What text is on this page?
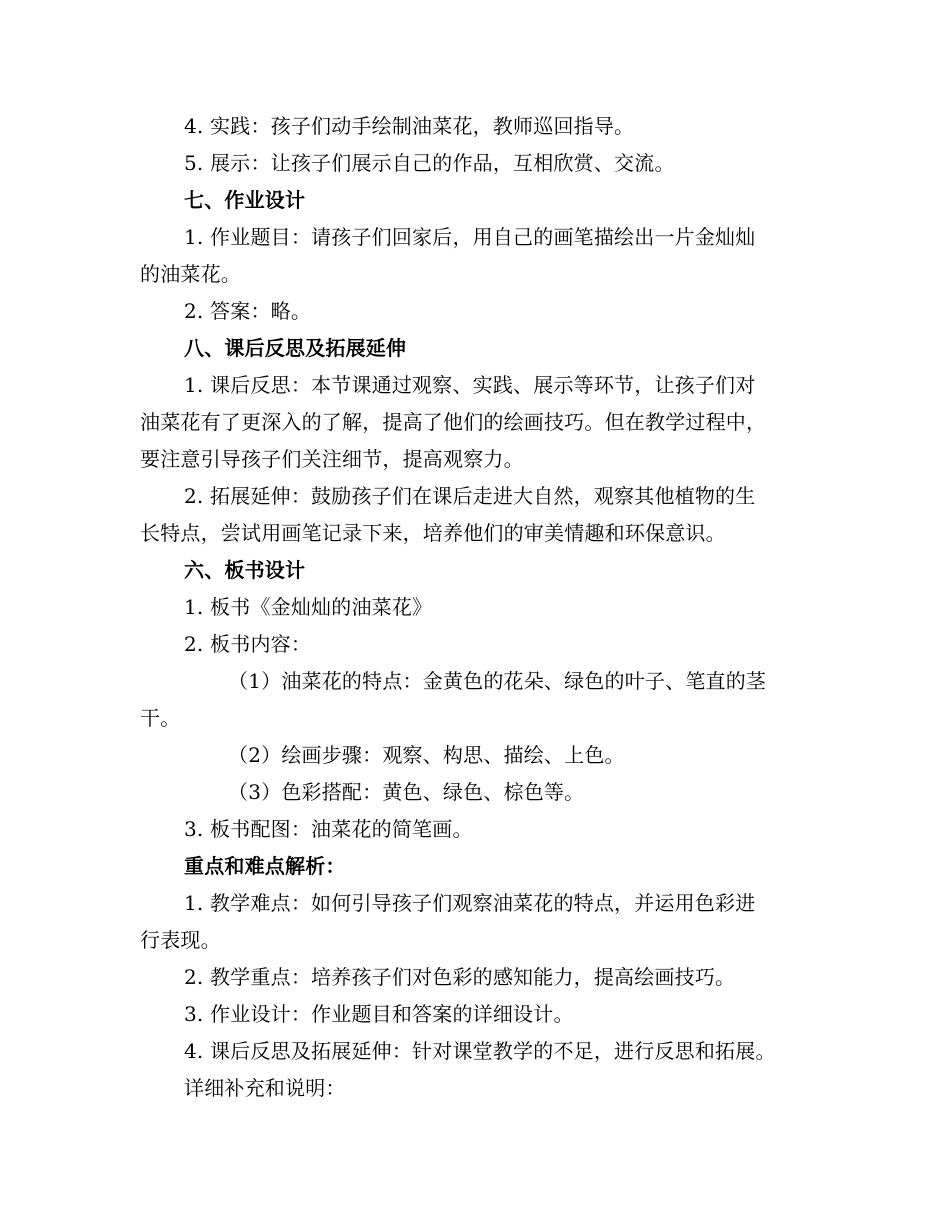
4. 实践：孩子们动手绘制油菜花，教师巡回指导。
5. 展示：让孩子们展示自己的作品，互相欣赏、交流。
七、作业设计
1. 作业题目：请孩子们回家后，用自己的画笔描绘出一片金灿灿
的油菜花。
2. 答案：略。
八、课后反思及拓展延伸
1. 课后反思：本节课通过观察、实践、展示等环节，让孩子们对
油菜花有了更深入的了解，提高了他们的绘画技巧。但在教学过程中，
要注意引导孩子们关注细节，提高观察力。
2. 拓展延伸：鼓励孩子们在课后走进大自然，观察其他植物的生
长特点，尝试用画笔记录下来，培养他们的审美情趣和环保意识。
六、板书设计
1. 板书《金灿灿的油菜花》
2. 板书内容：
（1）油菜花的特点：金黄色的花朵、绿色的叶子、笔直的茎
干。
（2）绘画步骤：观察、构思、描绘、上色。
（3）色彩搭配：黄色、绿色、棕色等。
3. 板书配图：油菜花的简笔画。
重点和难点解析：
1. 教学难点：如何引导孩子们观察油菜花的特点，并运用色彩进
行表现。
2. 教学重点：培养孩子们对色彩的感知能力，提高绘画技巧。
3. 作业设计：作业题目和答案的详细设计。
4. 课后反思及拓展延伸：针对课堂教学的不足，进行反思和拓展。
详细补充和说明：
